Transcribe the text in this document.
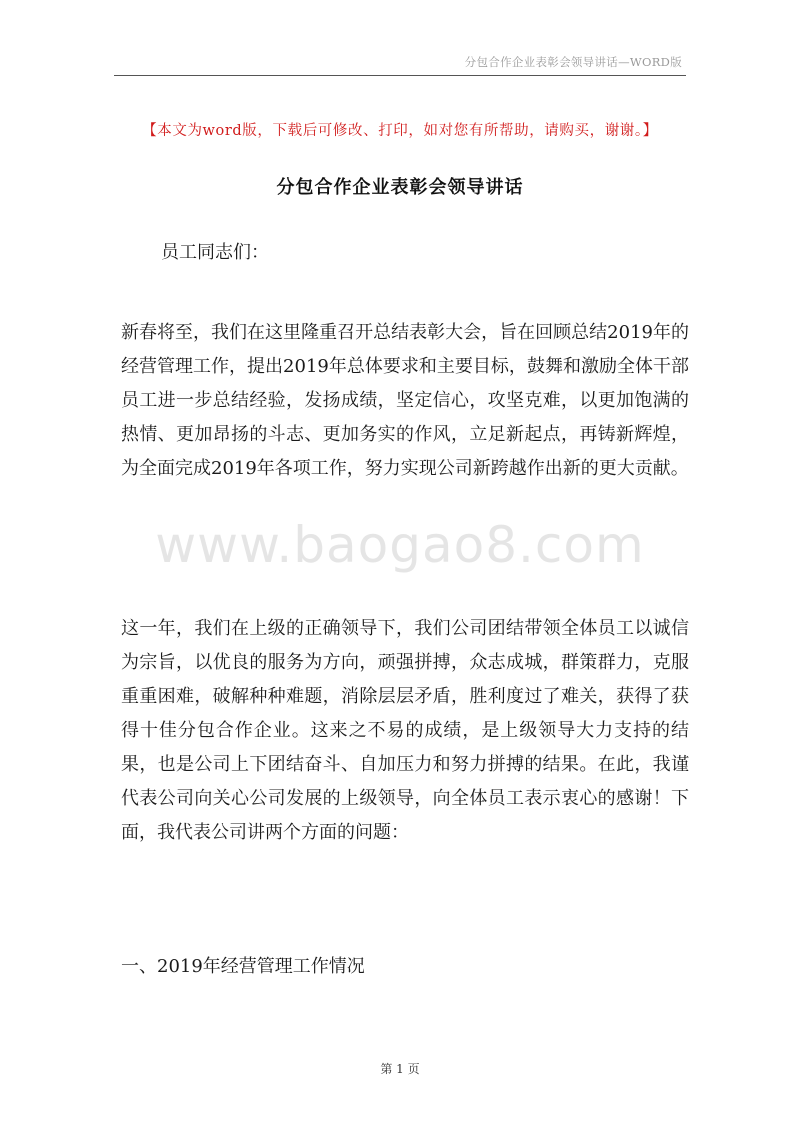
分包合作企业表彰会领导讲话—WORD版
【本文为word版，下载后可修改、打印，如对您有所帮助，请购买，谢谢。】
分包合作企业表彰会领导讲话
员工同志们：

新春将至，我们在这里隆重召开总结表彰大会，旨在回顾总结2019年的经营管理工作，提出2019年总体要求和主要目标，鼓舞和激励全体干部员工进一步总结经验，发扬成绩，坚定信心，攻坚克难，以更加饱满的热情、更加昂扬的斗志、更加务实的作风，立足新起点，再铸新辉煌，为全面完成2019年各项工作，努力实现公司新跨越作出新的更大贡献。

www.baogao8.com

这一年，我们在上级的正确领导下，我们公司团结带领全体员工以诚信为宗旨，以优良的服务为方向，顽强拼搏，众志成城，群策群力，克服重重困难，破解种种难题，消除层层矛盾，胜利度过了难关，获得了获得十佳分包合作企业。这来之不易的成绩，是上级领导大力支持的结果，也是公司上下团结奋斗、自加压力和努力拼搏的结果。在此，我谨代表公司向关心公司发展的上级领导，向全体员工表示衷心的感谢！下面，我代表公司讲两个方面的问题：

一、2019年经营管理工作情况
第 1 页
